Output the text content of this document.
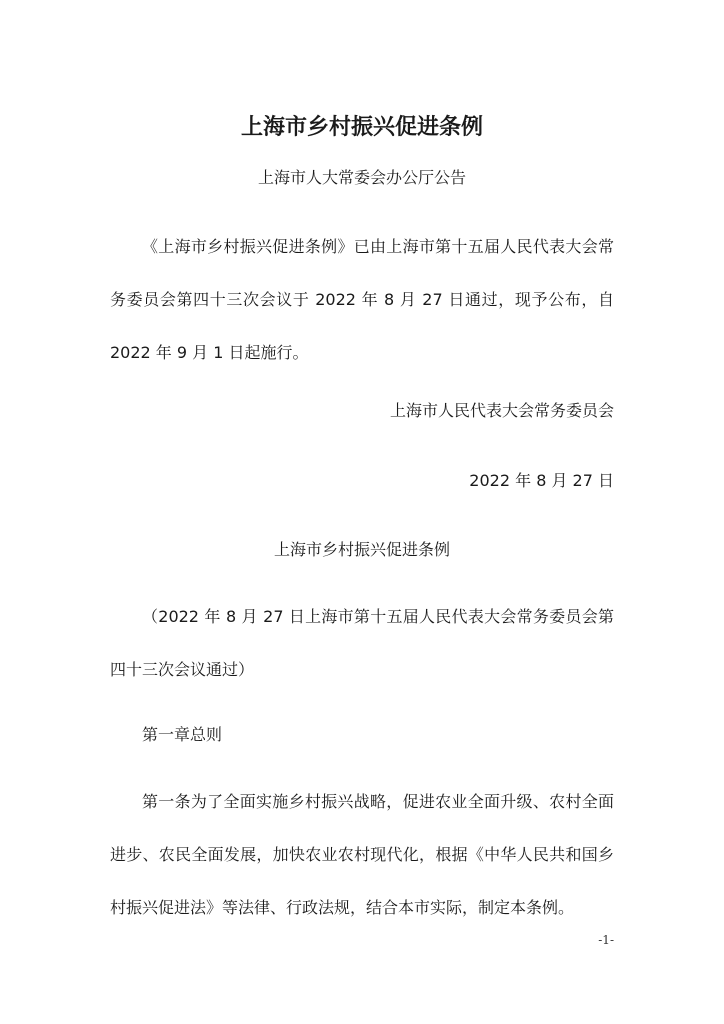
上海市乡村振兴促进条例
上海市人大常委会办公厅公告
《上海市乡村振兴促进条例》已由上海市第十五届人民代表大会常务委员会第四十三次会议于 2022 年 8 月 27 日通过，现予公布，自 2022 年 9 月 1 日起施行。
上海市人民代表大会常务委员会
2022 年 8 月 27 日
上海市乡村振兴促进条例
（2022 年 8 月 27 日上海市第十五届人民代表大会常务委员会第四十三次会议通过）
第一章总则
第一条为了全面实施乡村振兴战略，促进农业全面升级、农村全面进步、农民全面发展，加快农业农村现代化，根据《中华人民共和国乡村振兴促进法》等法律、行政法规，结合本市实际，制定本条例。
-1-
